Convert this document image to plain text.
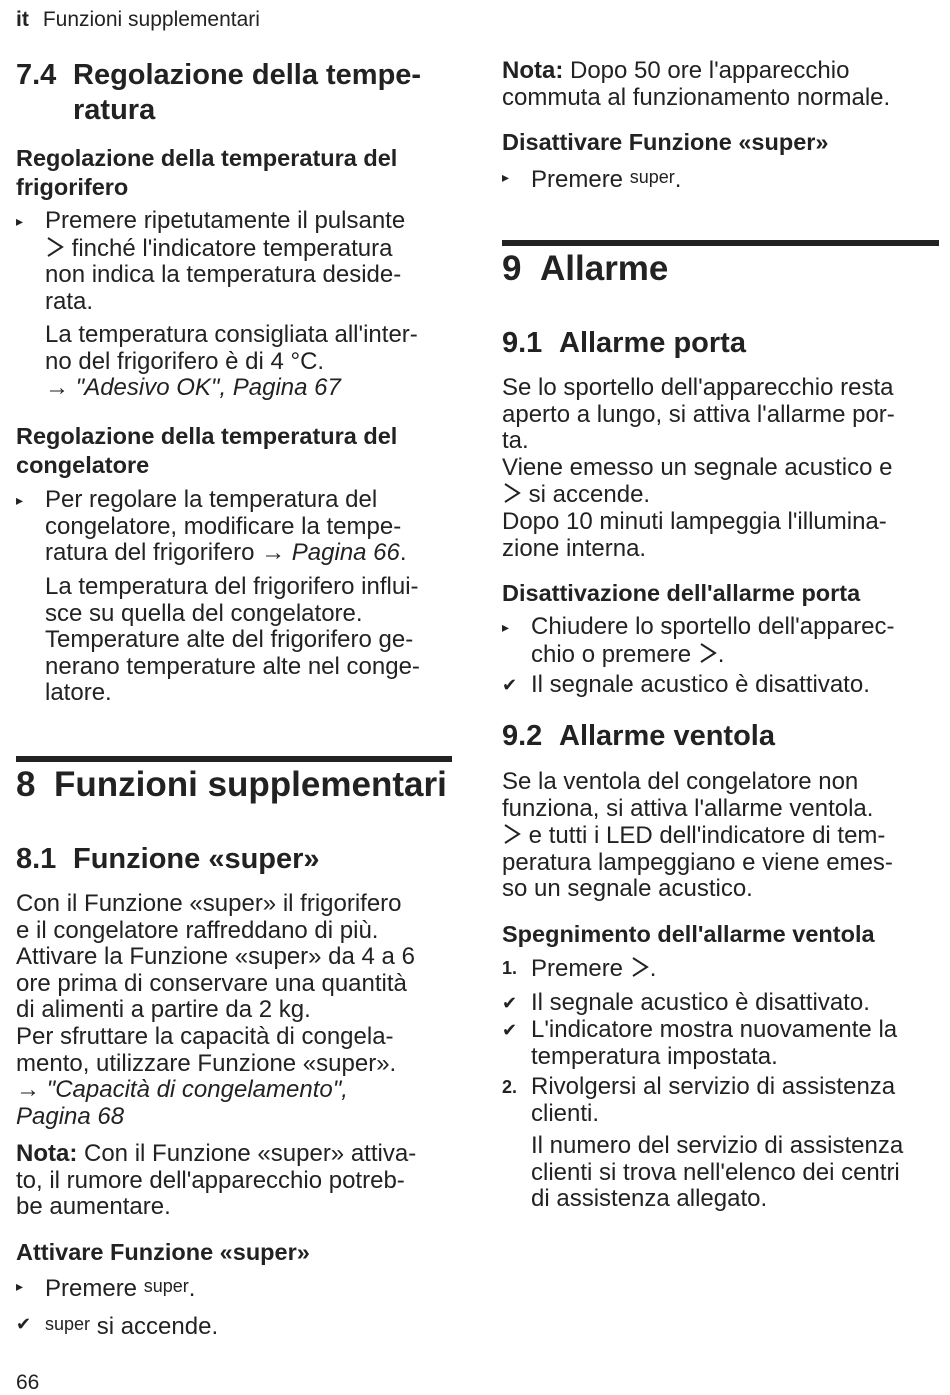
it Funzioni supplementari
7.4 Regolazione della tempe-
ratura
Regolazione della temperatura del frigorifero
▸ Premere ripetutamente il pulsante
finché l'indicatore temperatura
non indica la temperatura deside-
rata.
La temperatura consigliata all'inter-
no del frigorifero è di 4 °C.
→ "Adesivo OK", Pagina 67
Regolazione della temperatura del congelatore
▸ Per regolare la temperatura del
congelatore, modificare la tempe-
ratura del frigorifero → Pagina 66.
La temperatura del frigorifero influi-
sce su quella del congelatore.
Temperature alte del frigorifero ge-
nerano temperature alte nel conge-
latore.
8 Funzioni supplementari
8.1 Funzione «super»
Con il Funzione «super» il frigorifero
e il congelatore raffreddano di più.
Attivare la Funzione «super» da 4 a 6
ore prima di conservare una quantità
di alimenti a partire da 2 kg.
Per sfruttare la capacità di congela-
mento, utilizzare Funzione «super».
→ "Capacità di congelamento",
Pagina 68
Nota: Con il Funzione «super» attiva-
to, il rumore dell'apparecchio potreb-
be aumentare.
Attivare Funzione «super»
▸ Premere super.
✔ super si accende.
Nota: Dopo 50 ore l'apparecchio
commuta al funzionamento normale.
Disattivare Funzione «super»
▸ Premere super.
9 Allarme
9.1 Allarme porta
Se lo sportello dell'apparecchio resta
aperto a lungo, si attiva l'allarme por-
ta.
Viene emesso un segnale acustico e
si accende.
Dopo 10 minuti lampeggia l'illumina-
zione interna.
Disattivazione dell'allarme porta
▸ Chiudere lo sportello dell'apparec-
chio o premere .
✔ Il segnale acustico è disattivato.
9.2 Allarme ventola
Se la ventola del congelatore non
funziona, si attiva l'allarme ventola.
e tutti i LED dell'indicatore di tem-
peratura lampeggiano e viene emes-
so un segnale acustico.
Spegnimento dell'allarme ventola
1. Premere .
✔ Il segnale acustico è disattivato.
✔ L'indicatore mostra nuovamente la
temperatura impostata.
2. Rivolgersi al servizio di assistenza
clienti.
Il numero del servizio di assistenza
clienti si trova nell'elenco dei centri
di assistenza allegato.
66
